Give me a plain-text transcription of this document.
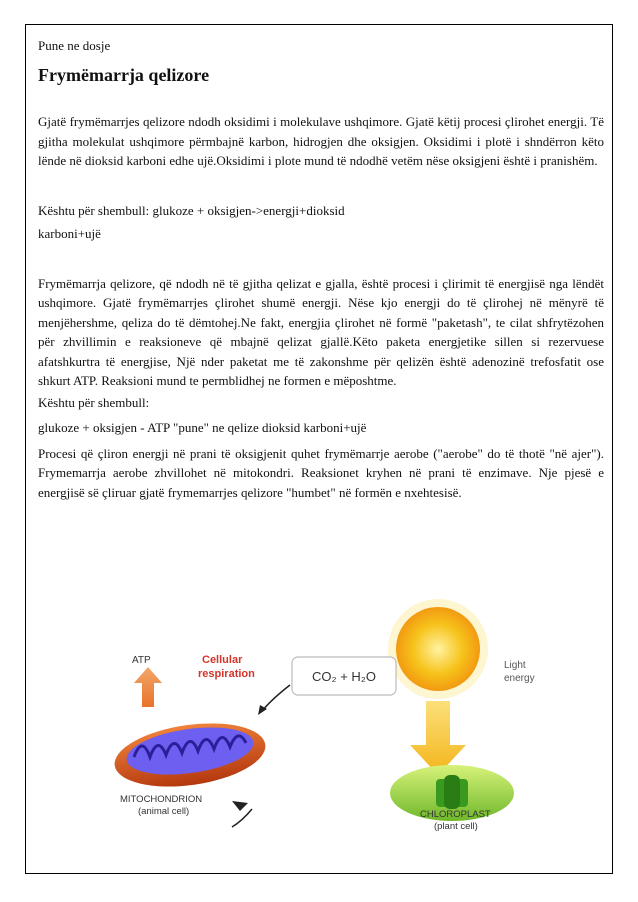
Pune ne dosje

Frymëmarrja qelizore

Gjatë frymëmarrjes qelizore ndodh oksidimi i molekulave ushqimore. Gjatë këtij procesi çlirohet energji. Të gjitha molekulat ushqimore përmbajnë karbon, hidrogjen dhe oksigjen. Oksidimi i plotë i shndërron këto lënde në dioksid karboni edhe ujë.Oksidimi i plote mund të ndodhë vetëm nëse oksigjeni është i pranishëm.

Kështu për shembull: glukoze + oksigjen->energji+dioksid

karboni+ujë

Frymëmarrja qelizore, që ndodh në të gjitha qelizat e gjalla, është procesi i çlirimit të energjisë nga lëndët ushqimore. Gjatë frymëmarrjes çlirohet shumë energji. Nëse kjo energji do të çlirohej në mënyrë të menjëhershme, qeliza do të dëmtohej.Ne fakt, energjia çlirohet në formë "paketash", te cilat shfrytëzohen për zhvillimin e reaksioneve që mbajnë qelizat gjallë.Këto paketa energjetike sillen si rezervuese afatshkurtra të energjise, Një nder paketat me të zakonshme për qelizën është adenozinë trefosfatit ose shkurt ATP. Reaksioni mund te permblidhej ne formen e mëposhtme.

Kështu për shembull:

glukoze + oksigjen - ATP "pune" ne qelize dioksid karboni+ujë

Procesi që çliron energji në prani të oksigjenit quhet frymëmarrje aerobe ("aerobe" do të thotë "në ajer"). Frymemarrja aerobe zhvillohet në mitokondri. Reaksionet kryhen në prani të enzimave. Nje pjesë e energjisë së çliruar gjatë frymemarrjes qelizore "humbet" në formën e nxehtesisë.

Light
energy
ATP	Cellular
respiration	CO₂ + H₂O
MITOCHONDRION
(animal cell)	CHLOROPLAST
(plant cell)
